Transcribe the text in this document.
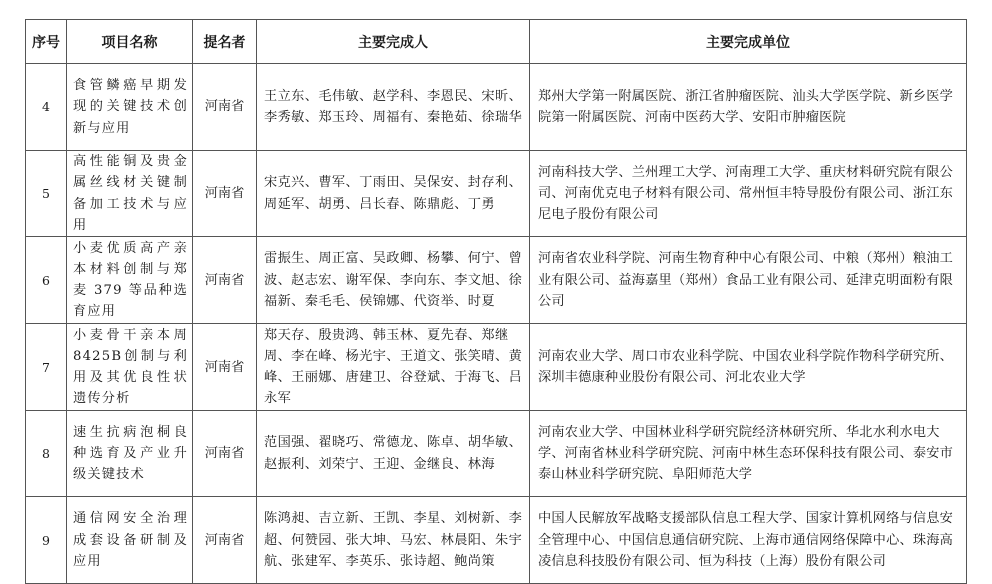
序号	项目名称	提名者	主要完成人	主要完成单位
4	食管鳞癌早期发现的关键技术创新与应用	河南省	王立东、毛伟敏、赵学科、李恩民、宋昕、李秀敏、郑玉玲、周福有、秦艳茹、徐瑞华	郑州大学第一附属医院、浙江省肿瘤医院、汕头大学医学院、新乡医学院第一附属医院、河南中医药大学、安阳市肿瘤医院
5	高性能铜及贵金属丝线材关键制备加工技术与应用	河南省	宋克兴、曹军、丁雨田、吴保安、封存利、周延军、胡勇、吕长春、陈鼎彪、丁勇	河南科技大学、兰州理工大学、河南理工大学、重庆材料研究院有限公司、河南优克电子材料有限公司、常州恒丰特导股份有限公司、浙江东尼电子股份有限公司
6	小麦优质高产亲本材料创制与郑麦 379 等品种选育应用	河南省	雷振生、周正富、吴政卿、杨攀、何宁、曾波、赵志宏、谢军保、李向东、李文旭、徐福新、秦毛毛、侯锦娜、代资举、时夏	河南省农业科学院、河南生物育种中心有限公司、中粮（郑州）粮油工业有限公司、益海嘉里（郑州）食品工业有限公司、延津克明面粉有限公司
7	小麦骨干亲本周8425B创制与利用及其优良性状遗传分析	河南省	郑天存、殷贵鸿、韩玉林、夏先春、郑继周、李在峰、杨光宇、王道文、张笑晴、黄　峰、王丽娜、唐建卫、谷登斌、于海飞、吕永军	河南农业大学、周口市农业科学院、中国农业科学院作物科学研究所、深圳丰德康种业股份有限公司、河北农业大学
8	速生抗病泡桐良种选育及产业升级关键技术	河南省	范国强、翟晓巧、常德龙、陈卓、胡华敏、赵振利、刘荣宁、王迎、金继良、林海	河南农业大学、中国林业科学研究院经济林研究所、华北水利水电大学、河南省林业科学研究院、河南中林生态环保科技有限公司、泰安市泰山林业科学研究院、阜阳师范大学
9	通信网安全治理成套设备研制及应用	河南省	陈鸿昶、吉立新、王凯、李星、刘树新、李超、何赞园、张大坤、马宏、林晨阳、朱宇航、张建军、李英乐、张诗超、鲍尚策	中国人民解放军战略支援部队信息工程大学、国家计算机网络与信息安全管理中心、中国信息通信研究院、上海市通信网络保障中心、珠海高凌信息科技股份有限公司、恒为科技（上海）股份有限公司
